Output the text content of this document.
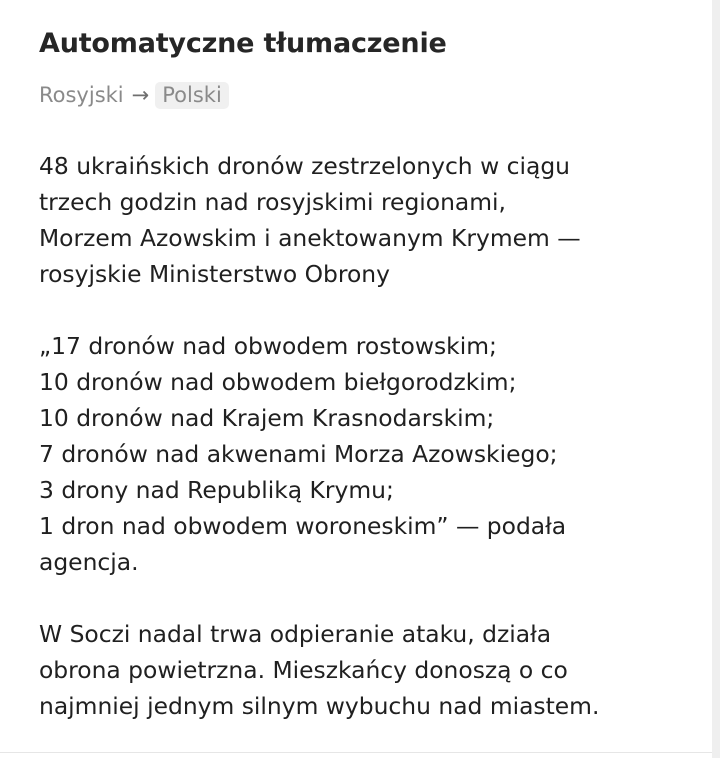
Automatyczne tłumaczenie
Rosyjski → Polski

48 ukraińskich dronów zestrzelonych w ciągu
trzech godzin nad rosyjskimi regionami,
Morzem Azowskim i anektowanym Krymem —
rosyjskie Ministerstwo Obrony

„17 dronów nad obwodem rostowskim;
10 dronów nad obwodem biełgorodzkim;
10 dronów nad Krajem Krasnodarskim;
7 dronów nad akwenami Morza Azowskiego;
3 drony nad Republiką Krymu;
1 dron nad obwodem woroneskim” — podała
agencja.

W Soczi nadal trwa odpieranie ataku, działa
obrona powietrzna. Mieszkańcy donoszą o co
najmniej jednym silnym wybuchu nad miastem.
